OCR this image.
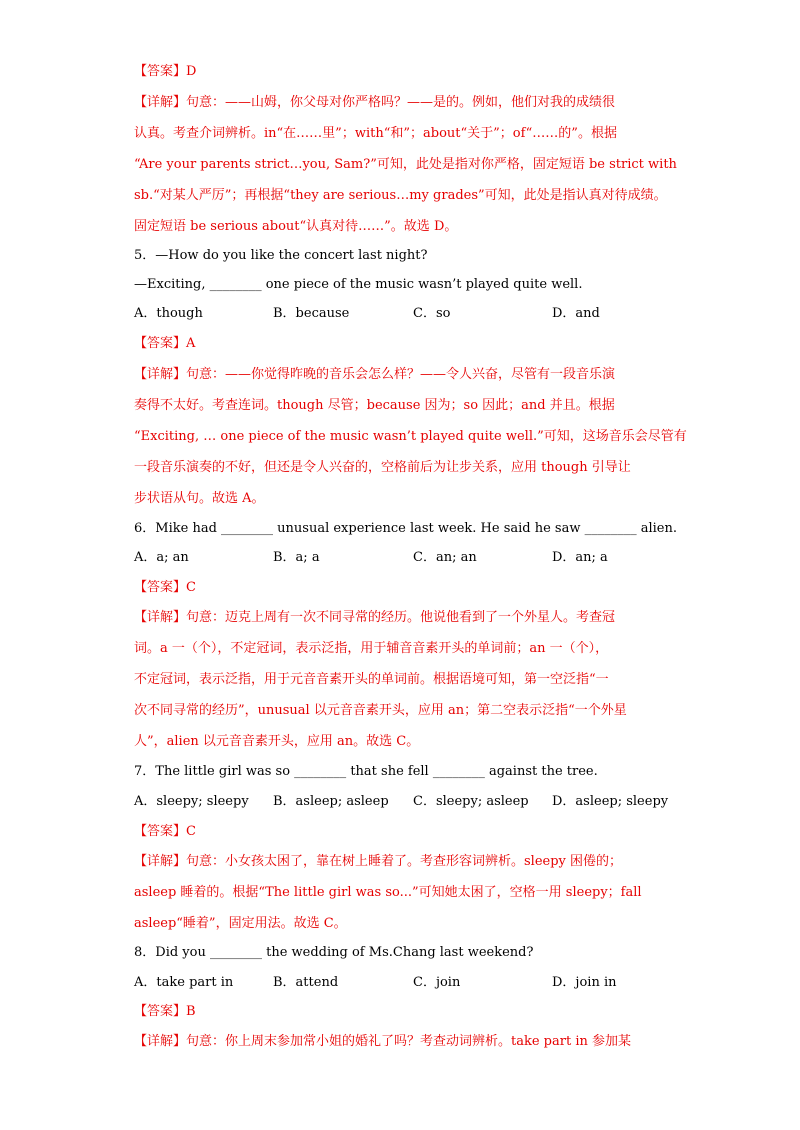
【答案】D
【详解】句意：——山姆，你父母对你严格吗？——是的。例如，他们对我的成绩很
认真。考查介词辨析。in“在……里”；with“和”；about“关于”；of“……的”。根据
“Are your parents strict…you, Sam?”可知，此处是指对你严格，固定短语 be strict with
sb.“对某人严厉”；再根据“they are serious…my grades”可知，此处是指认真对待成绩。
固定短语 be serious about“认真对待……”。故选 D。
5．—How do you like the concert last night?
—Exciting, ________ one piece of the music wasn’t played quite well.
A．though	B．because	C．so	D．and
【答案】A
【详解】句意：——你觉得昨晚的音乐会怎么样？——令人兴奋，尽管有一段音乐演
奏得不太好。考查连词。though 尽管；because 因为；so 因此；and 并且。根据
“Exciting, … one piece of the music wasn’t played quite well.”可知，这场音乐会尽管有
一段音乐演奏的不好，但还是令人兴奋的，空格前后为让步关系，应用 though 引导让
步状语从句。故选 A。
6．Mike had ________ unusual experience last week. He said he saw ________ alien.
A．a; an	B．a; a	C．an; an	D．an; a
【答案】C
【详解】句意：迈克上周有一次不同寻常的经历。他说他看到了一个外星人。考查冠
词。a 一（个），不定冠词，表示泛指，用于辅音音素开头的单词前；an 一（个），
不定冠词，表示泛指，用于元音音素开头的单词前。根据语境可知，第一空泛指“一
次不同寻常的经历”，unusual 以元音音素开头，应用 an；第二空表示泛指“一个外星
人”，alien 以元音音素开头，应用 an。故选 C。
7．The little girl was so ________ that she fell ________ against the tree.
A．sleepy; sleepy B．asleep; asleep C．sleepy; asleep D．asleep; sleepy
【答案】C
【详解】句意：小女孩太困了，靠在树上睡着了。考查形容词辨析。sleepy 困倦的；
asleep 睡着的。根据“The little girl was so...”可知她太困了，空格一用 sleepy；fall
asleep“睡着”，固定用法。故选 C。
8．Did you ________ the wedding of Ms.Chang last weekend?
A．take part in	B．attend	C．join	D．join in
【答案】B
【详解】句意：你上周末参加常小姐的婚礼了吗？考查动词辨析。take part in 参加某
